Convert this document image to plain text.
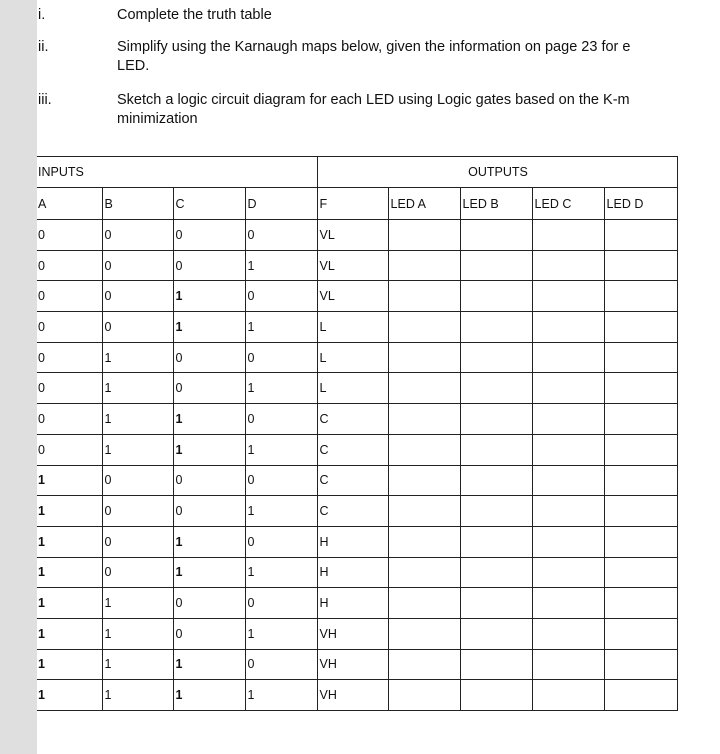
i.	Complete the truth table
ii.	Simplify using the Karnaugh maps below, given the information on page 23 for e
LED.
iii.	Sketch a logic circuit diagram for each LED using Logic gates based on the K-m
minimization
INPUTS				OUTPUTS				
A	B	C	D	F	LED A	LED B	LED C	LED D
0	0	0	0	VL				
0	0	0	1	VL				
0	0	1	0	VL				
0	0	1	1	L				
0	1	0	0	L				
0	1	0	1	L				
0	1	1	0	C				
0	1	1	1	C				
1	0	0	0	C				
1	0	0	1	C				
1	0	1	0	H				
1	0	1	1	H				
1	1	0	0	H				
1	1	0	1	VH				
1	1	1	0	VH				
1	1	1	1	VH				
